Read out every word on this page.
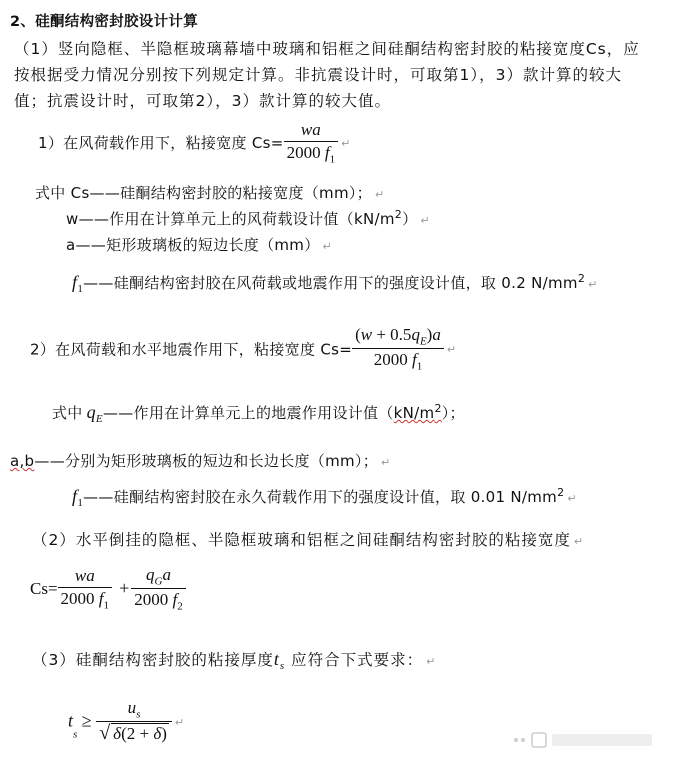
2、硅酮结构密封胶设计计算
（1）竖向隐框、半隐框玻璃幕墙中玻璃和铝框之间硅酮结构密封胶的粘接宽度Cs，应
按根据受力情况分别按下列规定计算。非抗震设计时，可取第1），3）款计算的较大
值；抗震设计时，可取第2），3）款计算的较大值。
1）在风荷载作用下，粘接宽度 $Cs= \frac{wa}{2000 f_1}$ ↵
式中 Cs——硅酮结构密封胶的粘接宽度（mm）； ↵
w——作用在计算单元上的风荷载设计值$(kN/m^2)$ ↵
a——矩形玻璃板的短边长度（mm） ↵
$f_1——$硅酮结构密封胶在风荷载或地震作用下的强度设计值，取 0.2 $N/mm^2$ ↵
2）在风荷载和水平地震作用下，粘接宽度 $Cs= \frac{(w + 0.5q_E)a}{2000 f_1}$ ↵
式中 $q_E——$作用在计算单元上的地震作用设计值$(kN/m^2)$；
a,b——分别为矩形玻璃板的短边和长边长度（mm）； ↵
$f_1——$硅酮结构密封胶在永久荷载作用下的强度设计值，取 0.01 $N/mm^2$ ↵
（2）水平倒挂的隐框、半隐框玻璃和铝框之间硅酮结构密封胶的粘接宽度 ↵
$Cs= \frac{wa}{2000 f_1} + \frac{q_Ga}{2000 f_2}$
（3）硅酮结构密封胶的粘接厚度$t_s$ 应符合下式要求： ↵
$t_s \ge \frac{u_s}{√ \delta(2 + \delta)}$ ↵
